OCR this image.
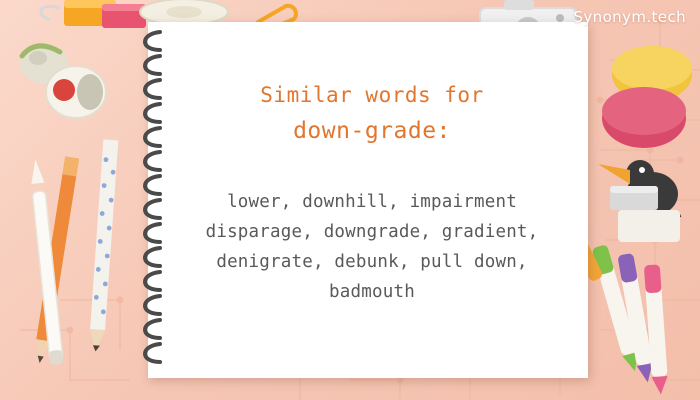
Similar words for
down-grade:
lower, downhill, impairment
disparage, downgrade, gradient,
denigrate, debunk, pull down,
badmouth
Synonym.tech
